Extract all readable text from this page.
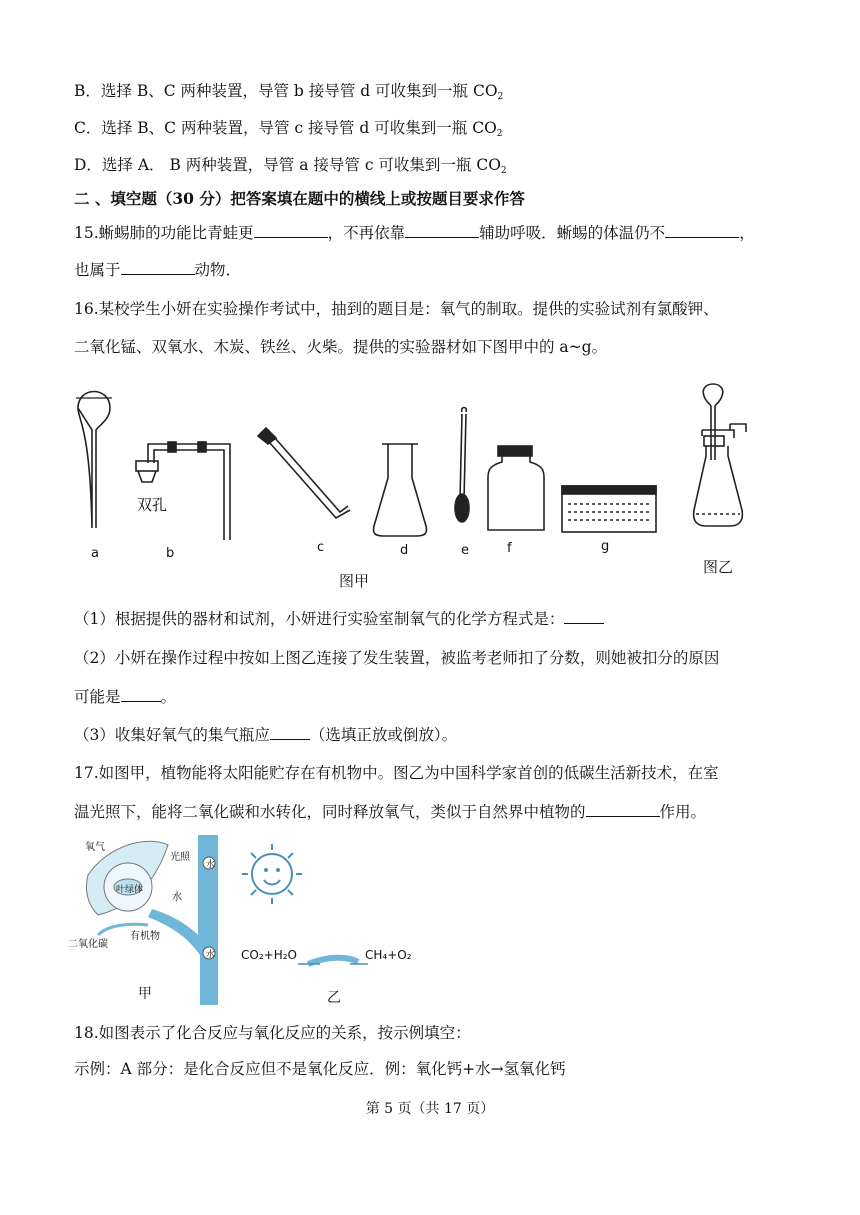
B．选择 B、C 两种装置，导管 b 接导管 d 可收集到一瓶 $CO_2$
C．选择 B、C 两种装置，导管 c 接导管 d 可收集到一瓶 $CO_2$
D．选择 A． B 两种装置，导管 a 接导管 c 可收集到一瓶 $CO_2$
二 、填空题（30 分）把答案填在题中的横线上或按题目要求作答
15.蜥蜴肺的功能比青蛙更	，不再依靠	辅助呼吸．蜥蜴的体温仍不	，
也属于	动物．
16.某校学生小妍在实验操作考试中，抽到的题目是：氧气的制取。提供的实验试剂有氯酸钾、
二氧化锰、双氧水、木炭、铁丝、火柴。提供的实验器材如下图甲中的 a~g。
a
双孔
b	c	d	e	f	g
图甲
图乙
（1）根据提供的器材和试剂，小妍进行实验室制氧气的化学方程式是：
（2）小妍在操作过程中按如上图乙连接了发生装置，被监考老师扣了分数，则她被扣分的原因
可能是	。
（3）收集好氧气的集气瓶应	（选填正放或倒放）。
17.如图甲，植物能将太阳能贮存在有机物中。图乙为中国科学家首创的低碳生活新技术，在室
温光照下，能将二氧化碳和水转化，同时释放氧气，类似于自然界中植物的	作用。
氧气
光照
叶绿体
水
水
水
二氧化碳
有机物
甲
CO₂+H₂O	CH₄+O₂
乙
18.如图表示了化合反应与氧化反应的关系，按示例填空：
示例：A 部分：是化合反应但不是氧化反应．例：氧化钙+水→氢氧化钙
第 5 页（共 17 页）
